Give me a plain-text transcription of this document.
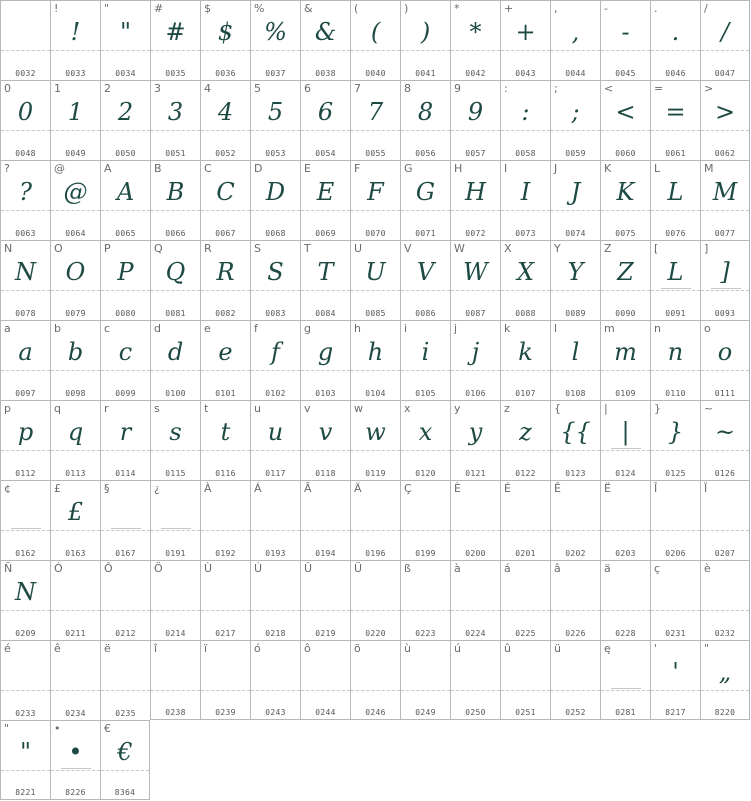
0032
!
!
0033
"
"
0034
#
#
0035
$
$
0036
%
%
0037
&
&
0038
(
(
0040
)
)
0041
*
*
0042
+
+
0043
,
,
0044
-
-
0045
.
.
0046
/
/
0047
0
0
0048
1
1
0049
2
2
0050
3
3
0051
4
4
0052
5
5
0053
6
6
0054
7
7
0055
8
8
0056
9
9
0057
:
:
0058
;
;
0059
<
<
0060
=
=
0061
>
>
0062
?
?
0063
@
@
0064
A
A
0065
B
B
0066
C
C
0067
D
D
0068
E
E
0069
F
F
0070
G
G
0071
H
H
0072
I
I
0073
J
J
0074
K
K
0075
L
L
0076
M
M
0077
N
N
0078
O
O
0079
P
P
0080
Q
Q
0081
R
R
0082
S
S
0083
T
T
0084
U
U
0085
V
V
0086
W
W
0087
X
X
0088
Y
Y
0089
Z
Z
0090
[
L
0091
]
]
0093
a
a
0097
b
b
0098
c
c
0099
d
d
0100
e
e
0101
f
f
0102
g
g
0103
h
h
0104
i
i
0105
j
j
0106
k
k
0107
l
l
0108
m
m
0109
n
n
0110
o
o
0111
p
p
0112
q
q
0113
r
r
0114
s
s
0115
t
t
0116
u
u
0117
v
v
0118
w
w
0119
x
x
0120
y
y
0121
z
z
0122
{
{{
0123
|
|
0124
}
}
0125
~
~
0126
¢
0162
£
£
0163
§
0167
¿
0191
À
0192
Á
0193
Â
0194
Ä
0196
Ç
0199
È
0200
É
0201
Ê
0202
Ë
0203
Î
0206
Ï
0207
Ñ
N
0209
Ó
0211
Ô
0212
Ö
0214
Ù
0217
Ú
0218
Û
0219
Ü
0220
ß
0223
à
0224
á
0225
â
0226
ä
0228
ç
0231
è
0232
é
0233
ê
0234
ë
0235
î
0238
ï
0239
ó
0243
ô
0244
ö
0246
ù
0249
ú
0250
û
0251
ü
0252
ę
0281
'
'
8217
"
„
8220
"
"
8221
•
•
8226
€
€
8364
